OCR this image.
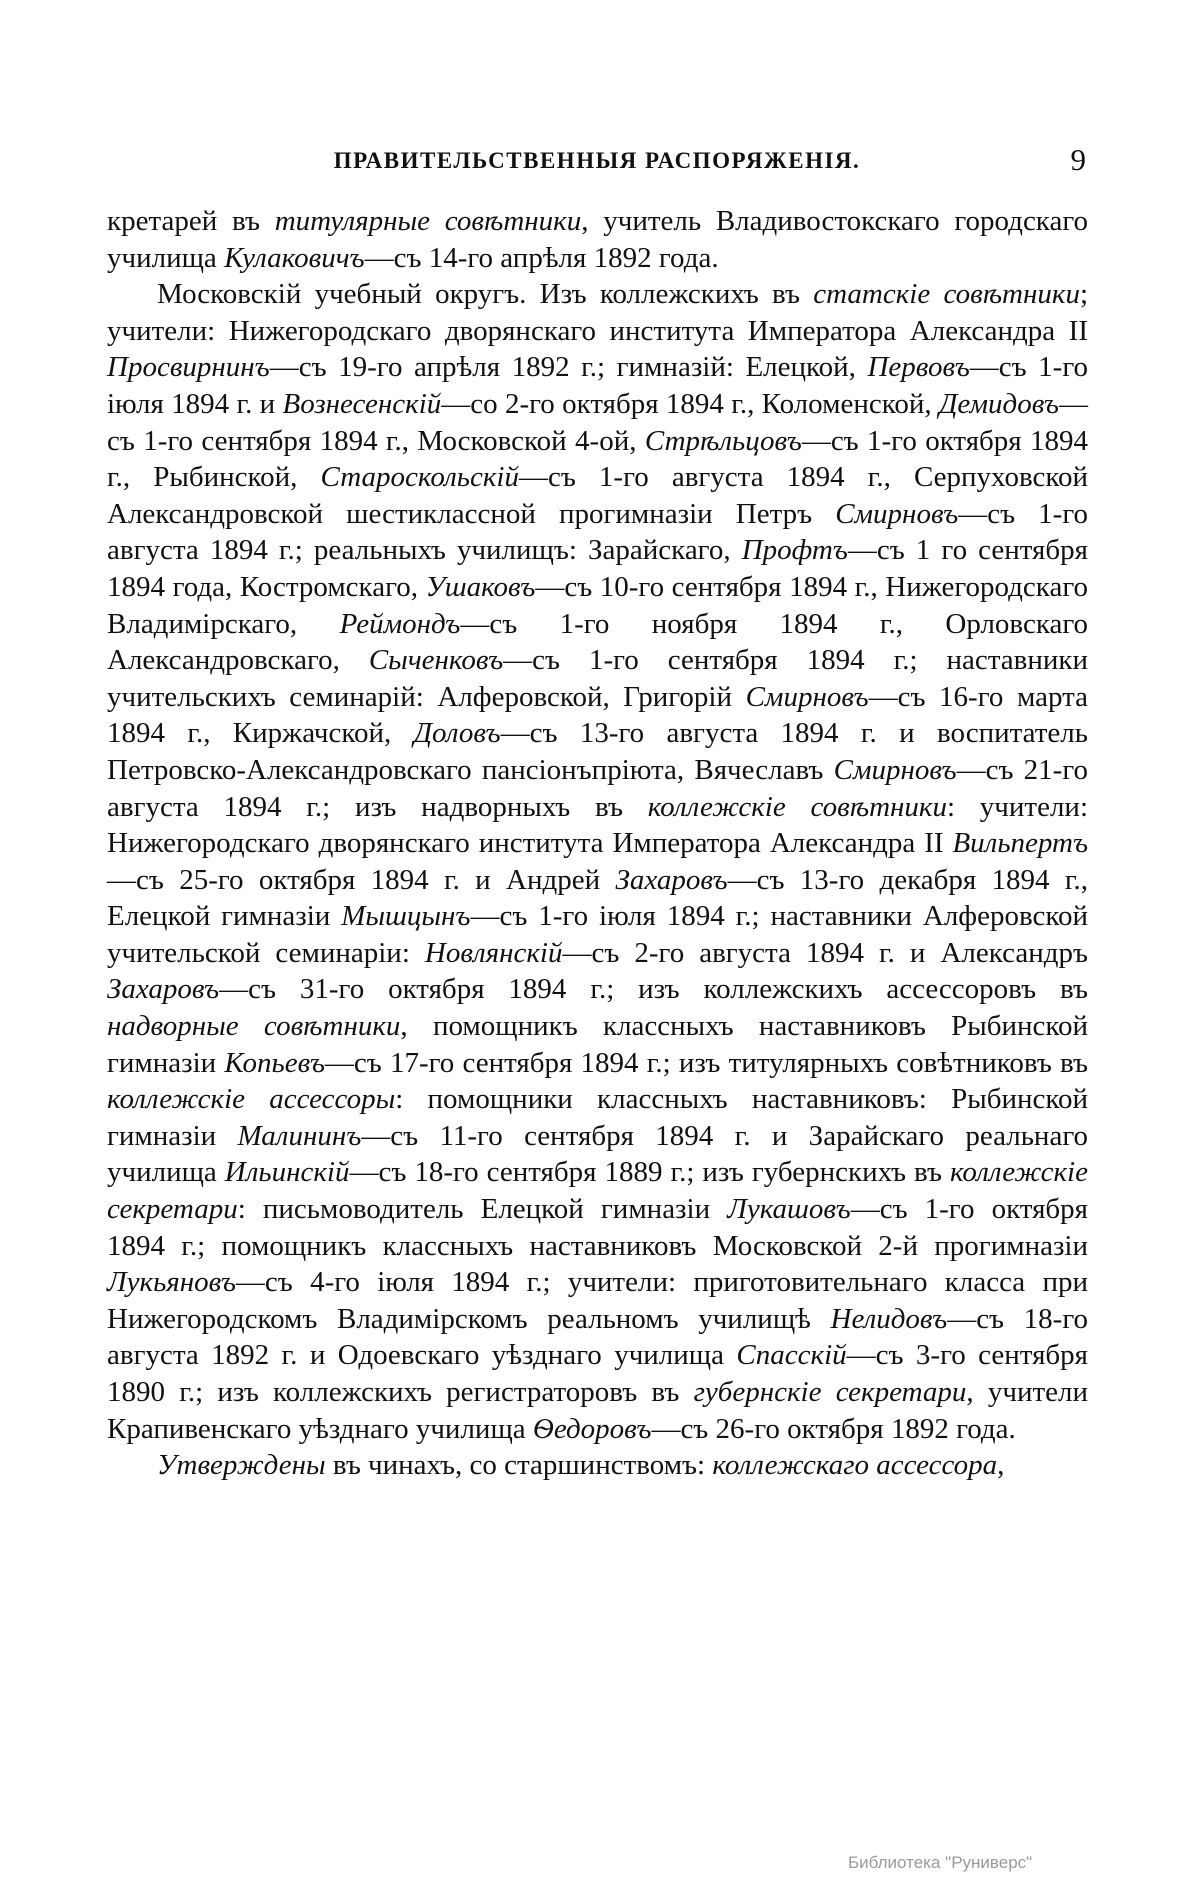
ПРАВИТЕЛЬСТВЕННЫЯ РАСПОРЯЖЕНІЯ.	9

кретарей въ титулярные совѣтники, учитель Владивостокскаго городскаго училища Кулаковичъ—съ 14-го апрѣля 1892 года.

Московскій учебный округъ. Изъ коллежскихъ въ статскіе совѣтники; учители: Нижегородскаго дворянскаго института Императора Александра II Просвирнинъ—съ 19-го апрѣля 1892 г.; гимназій: Елецкой, Первовъ—съ 1-го іюля 1894 г. и Вознесенскій—со 2-го октября 1894 г., Коломенской, Демидовъ—съ 1-го сентября 1894 г., Московской 4-ой, Стрѣльцовъ—съ 1-го октября 1894 г., Рыбинской, Староскольскій—съ 1-го августа 1894 г., Серпуховской Александровской шестиклассной прогимназіи Петръ Смирновъ—съ 1-го августа 1894 г.; реальныхъ училищъ: Зарайскаго, Профтъ—съ 1 го сентября 1894 года, Костромскаго, Ушаковъ—съ 10-го сентября 1894 г., Нижегородскаго Владимірскаго, Реймондъ—съ 1-го ноября 1894 г., Орловскаго Александровскаго, Сыченковъ—съ 1-го сентября 1894 г.; наставники учительскихъ семинарій: Алферовской, Григорій Смирновъ—съ 16-го марта 1894 г., Киржачской, Доловъ—съ 13-го августа 1894 г. и воспитатель Петровско-Александровскаго пансіонъпріюта, Вячеславъ Смирновъ—съ 21-го августа 1894 г.; изъ надворныхъ въ коллежскіе совѣтники: учители: Нижегородскаго дворянскаго института Императора Александра II Вильпертъ—съ 25-го октября 1894 г. и Андрей Захаровъ—съ 13-го декабря 1894 г., Елецкой гимназіи Мышцынъ—съ 1-го іюля 1894 г.; наставники Алферовской учительской семинаріи: Новлянскій—съ 2-го августа 1894 г. и Александръ Захаровъ—съ 31-го октября 1894 г.; изъ коллежскихъ ассессоровъ въ надворные совѣтники, помощникъ классныхъ наставниковъ Рыбинской гимназіи Копьевъ—съ 17-го сентября 1894 г.; изъ титулярныхъ совѣтниковъ въ коллежскіе ассессоры: помощники классныхъ наставниковъ: Рыбинской гимназіи Малининъ—съ 11-го сентября 1894 г. и Зарайскаго реальнаго училища Ильинскій—съ 18-го сентября 1889 г.; изъ губернскихъ въ коллежскіе секретари: письмоводитель Елецкой гимназіи Лукашовъ—съ 1-го октября 1894 г.; помощникъ классныхъ наставниковъ Московской 2-й прогимназіи Лукьяновъ—съ 4-го іюля 1894 г.; учители: приготовительнаго класса при Нижегородскомъ Владимірскомъ реальномъ училищѣ Нелидовъ—съ 18-го августа 1892 г. и Одоевскаго уѣзднаго училища Спасскій—съ 3-го сентября 1890 г.; изъ коллежскихъ регистраторовъ въ губернскіе секретари, учители Крапивенскаго уѣзднаго училища Ѳедоровъ—съ 26-го октября 1892 года.

Утверждены въ чинахъ, со старшинствомъ: коллежскаго ассессора,

Библиотека "Руниверс"
